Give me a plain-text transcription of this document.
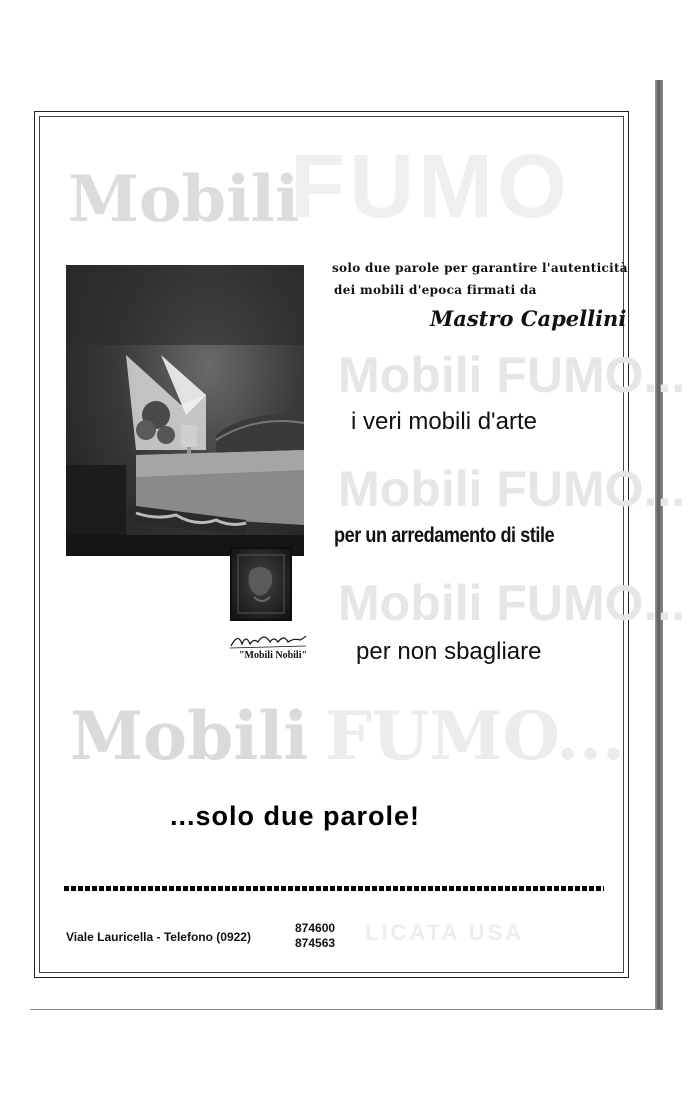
Mobili
FUMO
Mobili FUMO...
Mobili FUMO...
Mobili FUMO...
Mobili FUMO...
LICATA USA
"Mobili Nobili"
solo due parole per garantire l'autenticità
dei mobili d'epoca firmati da
Mastro Capellini
i veri mobili d'arte
per un arredamento di stile
per non sbagliare
...solo due parole!
Viale Lauricella - Telefono (0922)
874600
874563
